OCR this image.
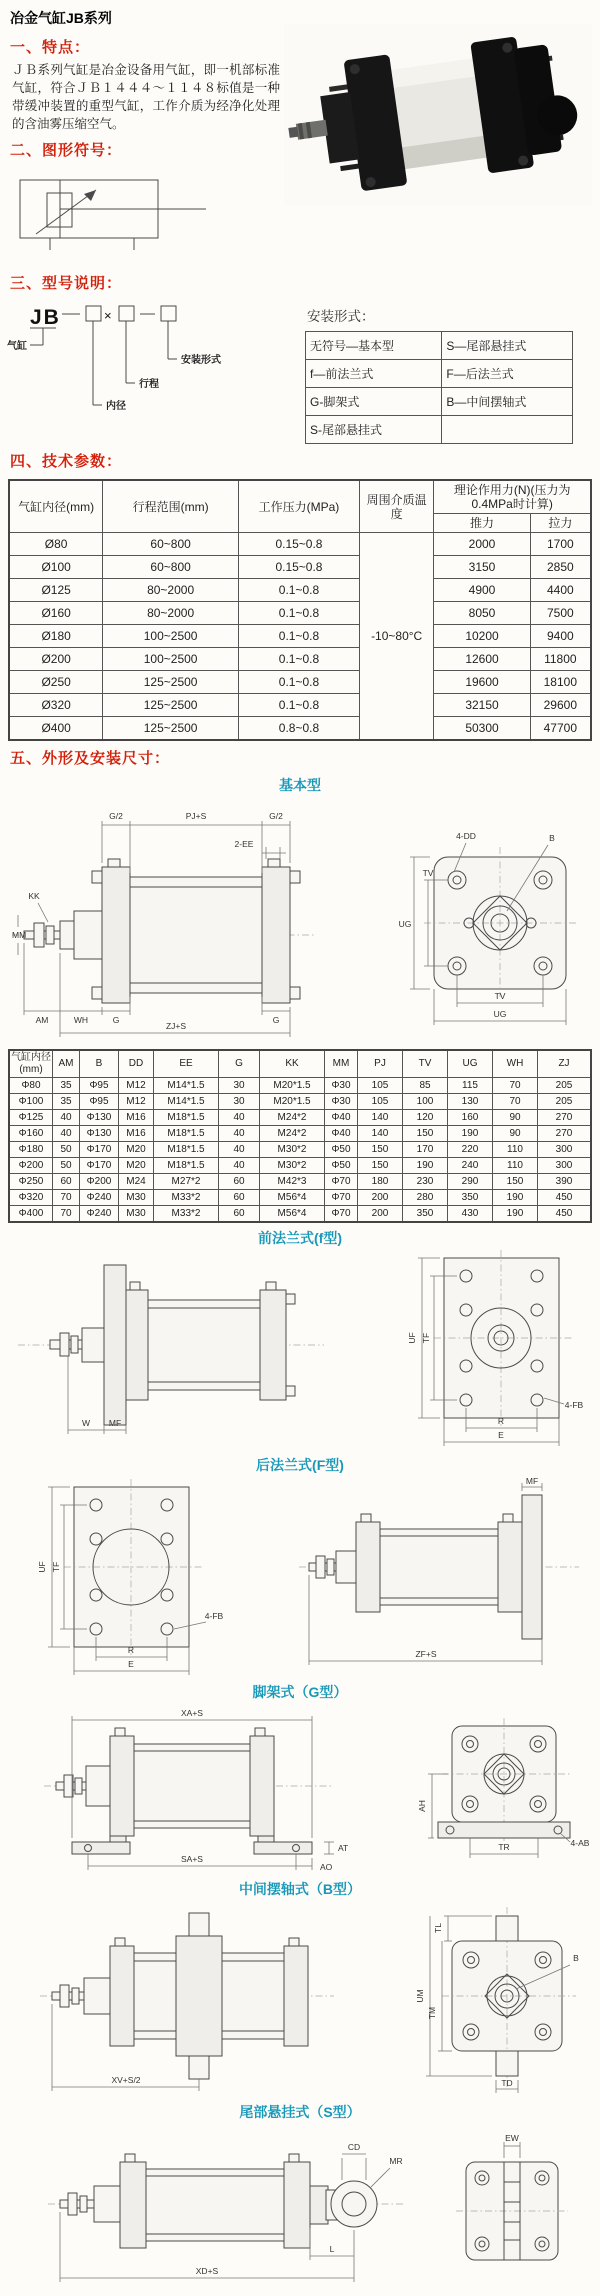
冶金气缸JB系列
一、特点：
ＪＢ系列气缸是冶金设备用气缸，即一机部标准气缸，符合ＪＢ１４４４～１１４８标值是一种带缓冲装置的重型气缸，工作介质为经净化处理的含油雾压缩空气。
二、图形符号：
三、型号说明：
JB	×
气缸
内径
行程
安装形式
安装形式：
无符号—基本型	S—尾部悬挂式
f—前法兰式	F—后法兰式
G-脚架式	B—中间摆轴式
S-尾部悬挂式	
四、技术参数：
气缸内径(mm)	行程范围(mm)	工作压力(MPa)	周围介质温度	理论作用力(N)(压力为0.4MPa时计算)	
				推力	拉力
Ø80	60~800	0.15~0.8	-10~80°C	2000	1700
Ø100	60~800	0.15~0.8		3150	2850
Ø125	80~2000	0.1~0.8		4900	4400
Ø160	80~2000	0.1~0.8		8050	7500
Ø180	100~2500	0.1~0.8		10200	9400
Ø200	100~2500	0.1~0.8		12600	11800
Ø250	125~2500	0.1~0.8		19600	18100
Ø320	125~2500	0.1~0.8		32150	29600
Ø400	125~2500	0.8~0.8		50300	47700
五、外形及安装尺寸：
基本型
G/2	PJ+S	G/2
2-EE
KK
MM
AM	WH	G	G
ZJ+S
4-DD	B
UG
TV
TV
UG
气缸内径(mm)	AM	B	DD	EE	G	KK	MM	PJ	TV	UG	WH	ZJ
Φ80	35	Φ95	M12	M14*1.5	30	M20*1.5	Φ30	105	85	115	70	205
Φ100	35	Φ95	M12	M14*1.5	30	M20*1.5	Φ30	105	100	130	70	205
Φ125	40	Φ130	M16	M18*1.5	40	M24*2	Φ40	140	120	160	90	270
Φ160	40	Φ130	M16	M18*1.5	40	M24*2	Φ40	140	150	190	90	270
Φ180	50	Φ170	M20	M18*1.5	40	M30*2	Φ50	150	170	220	110	300
Φ200	50	Φ170	M20	M18*1.5	40	M30*2	Φ50	150	190	240	110	300
Φ250	60	Φ200	M24	M27*2	60	M42*3	Φ70	180	230	290	150	390
Φ320	70	Φ240	M30	M33*2	60	M56*4	Φ70	200	280	350	190	450
Φ400	70	Φ240	M30	M33*2	60	M56*4	Φ70	200	350	430	190	450
前法兰式(f型)
W MF
UF TF
4-FB
R
E
后法兰式(F型)
UF TF
4-FB
R
E
MF
ZF+S
脚架式（G型）
XA+S
SA+S
AT
AO
AH
TR	4-AB
中间摆轴式（B型）
XV+S/2
TL
UM
TM
B
TD
尾部悬挂式（S型）
CD
MR
L
XD+S
EW
